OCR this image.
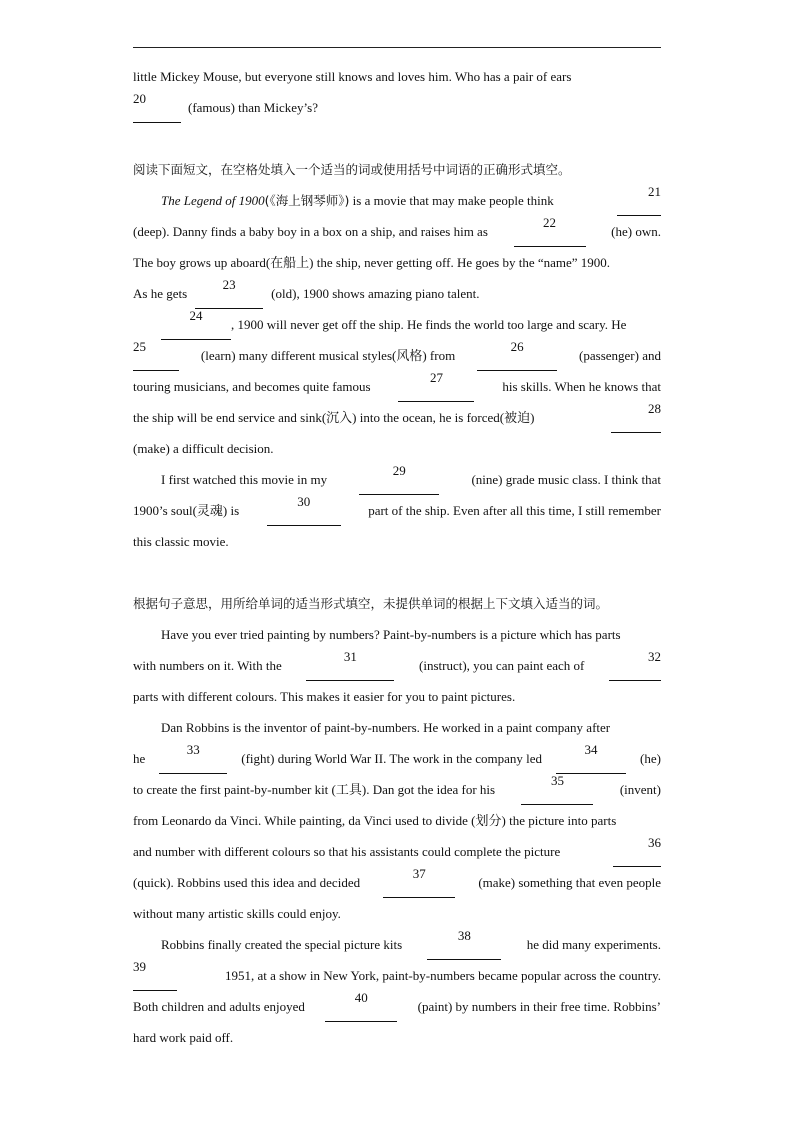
little Mickey Mouse, but everyone still knows and loves him. Who has a pair of ears
20
(famous) than Mickey’s?
阅读下面短文，在空格处填入一个适当的词或使用括号中词语的正确形式填空。
The Legend of 1900(《海上钢琴师》) is a movie that may make people think
21
(deep). Danny finds a baby boy in a box on a ship, and raises him as
22
(he) own.
The boy grows up aboard(在船上) the ship, never getting off. He goes by the “name” 1900.
As he gets
23
(old), 1900 shows amazing piano talent.
24
, 1900 will never get off the ship. He finds the world too large and scary. He
25
(learn) many different musical styles(风格) from
26
(passenger) and
touring musicians, and becomes quite famous
27
his skills. When he knows that
the ship will be end service and sink(沉入) into the ocean, he is forced(被迫)
28
(make) a difficult decision.
I first watched this movie in my
29
(nine) grade music class. I think that
1900’s soul(灵魂) is
30
part of the ship. Even after all this time, I still remember
this classic movie.
根据句子意思，用所给单词的适当形式填空，未提供单词的根据上下文填入适当的词。
Have you ever tried painting by numbers? Paint-by-numbers is a picture which has parts
with numbers on it. With the
31
(instruct), you can paint each of
32
parts with different colours. This makes it easier for you to paint pictures.
Dan Robbins is the inventor of paint-by-numbers. He worked in a paint company after
he
33
(fight) during World War II. The work in the company led
34
(he)
to create the first paint-by-number kit (工具). Dan got the idea for his
35
(invent)
from Leonardo da Vinci. While painting, da Vinci used to divide (划分) the picture into parts
and number with different colours so that his assistants could complete the picture
36
(quick). Robbins used this idea and decided
37
(make) something that even people
without many artistic skills could enjoy.
Robbins finally created the special picture kits
38
he did many experiments.
39
1951, at a show in New York, paint-by-numbers became popular across the country.
Both children and adults enjoyed
40
(paint) by numbers in their free time. Robbins’
hard work paid off.
